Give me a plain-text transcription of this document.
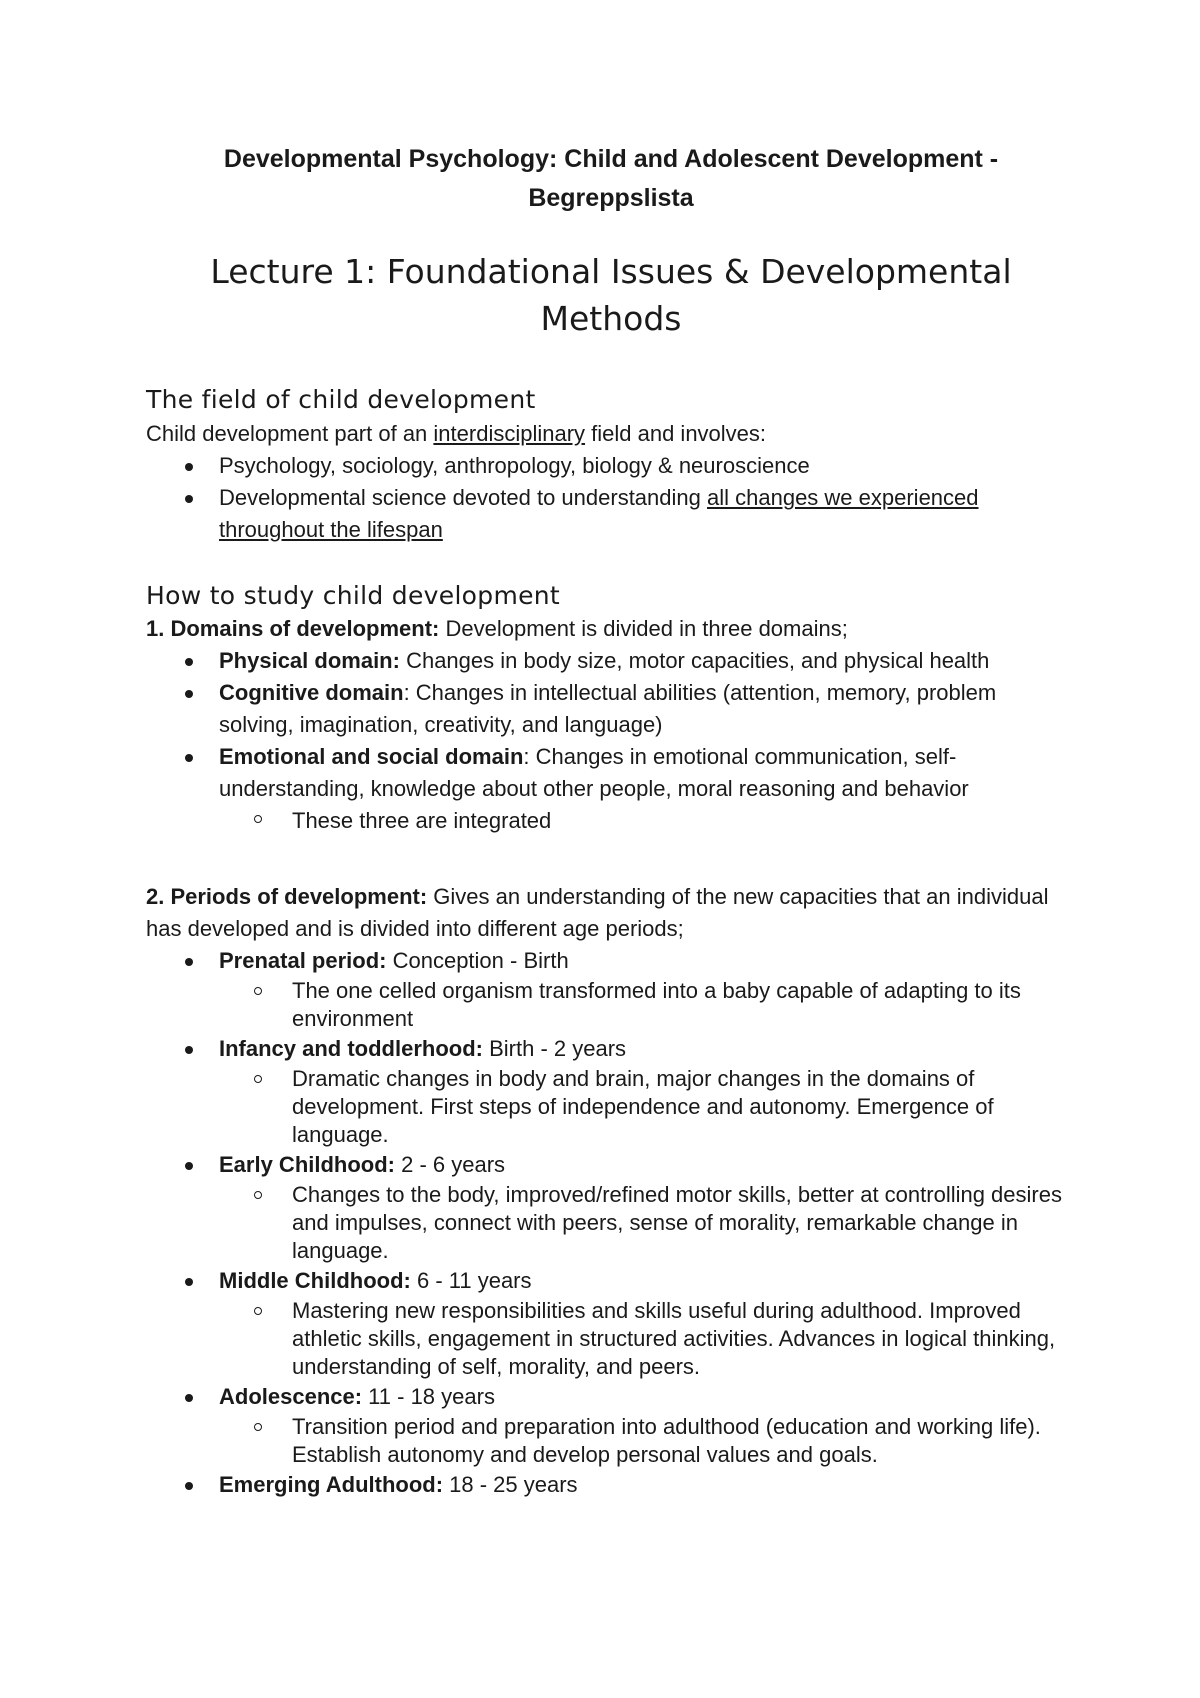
Developmental Psychology: Child and Adolescent Development - Begreppslista
Lecture 1: Foundational Issues & Developmental Methods
The field of child development

Child development part of an interdisciplinary field and involves:

Psychology, sociology, anthropology, biology & neuroscience
Developmental science devoted to understanding all changes we experienced throughout the lifespan
How to study child development

1. Domains of development: Development is divided in three domains;

Physical domain: Changes in body size, motor capacities, and physical health
Cognitive domain: Changes in intellectual abilities (attention, memory, problem solving, imagination, creativity, and language)
Emotional and social domain: Changes in emotional communication, self-understanding, knowledge about other people, moral reasoning and behavior
These three are integrated

2. Periods of development: Gives an understanding of the new capacities that an individual has developed and is divided into different age periods;

Prenatal period: Conception - Birth
The one celled organism transformed into a baby capable of adapting to its environment
Infancy and toddlerhood: Birth - 2 years
Dramatic changes in body and brain, major changes in the domains of development. First steps of independence and autonomy. Emergence of language.
Early Childhood: 2 - 6 years
Changes to the body, improved/refined motor skills, better at controlling desires and impulses, connect with peers, sense of morality, remarkable change in language.
Middle Childhood: 6 - 11 years
Mastering new responsibilities and skills useful during adulthood. Improved athletic skills, engagement in structured activities. Advances in logical thinking, understanding of self, morality, and peers.
Adolescence: 11 - 18 years
Transition period and preparation into adulthood (education and working life). Establish autonomy and develop personal values and goals.
Emerging Adulthood: 18 - 25 years
